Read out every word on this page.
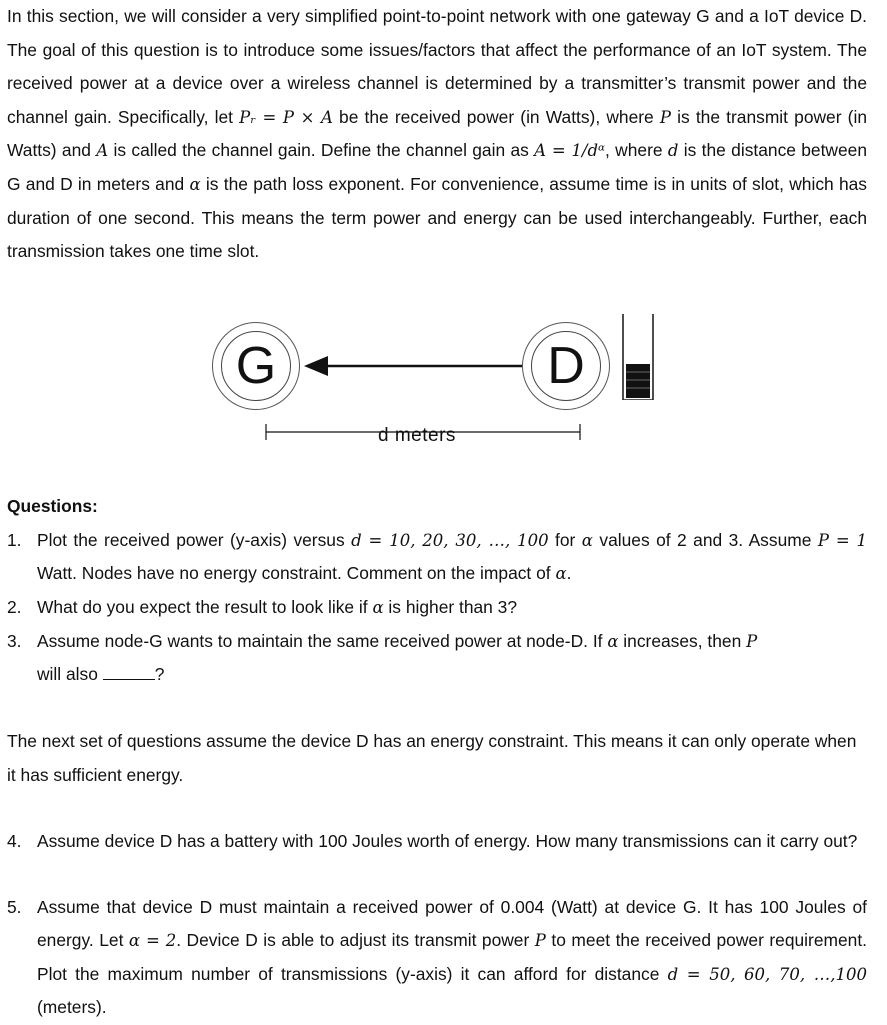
In this section, we will consider a very simplified point-to-point network with one gateway G and a IoT device D. The goal of this question is to introduce some issues/factors that affect the performance of an IoT system. The received power at a device over a wireless channel is determined by a transmitter’s transmit power and the channel gain. Specifically, let Pᵣ = P × A be the received power (in Watts), where P is the transmit power (in Watts) and A is called the channel gain. Define the channel gain as A = 1/dᵅ, where d is the distance between G and D in meters and α is the path loss exponent. For convenience, assume time is in units of slot, which has duration of one second. This means the term power and energy can be used interchangeably. Further, each transmission takes one time slot.

G	D
d meters
Questions:
1. Plot the received power (y-axis) versus d = 10, 20, 30, …, 100 for α values of 2 and 3. Assume P = 1 Watt. Nodes have no energy constraint. Comment on the impact of α.
2. What do you expect the result to look like if α is higher than 3?
3. Assume node-G wants to maintain the same received power at node-D. If α increases, then P
will also	?

The next set of questions assume the device D has an energy constraint. This means it can only operate when it has sufficient energy.

4. Assume device D has a battery with 100 Joules worth of energy. How many transmissions can it carry out?
5. Assume that device D must maintain a received power of 0.004 (Watt) at device G. It has 100 Joules of energy. Let α = 2. Device D is able to adjust its transmit power P to meet the received power requirement. Plot the maximum number of transmissions (y-axis) it can afford for distance d = 50, 60, 70, …,100 (meters).
